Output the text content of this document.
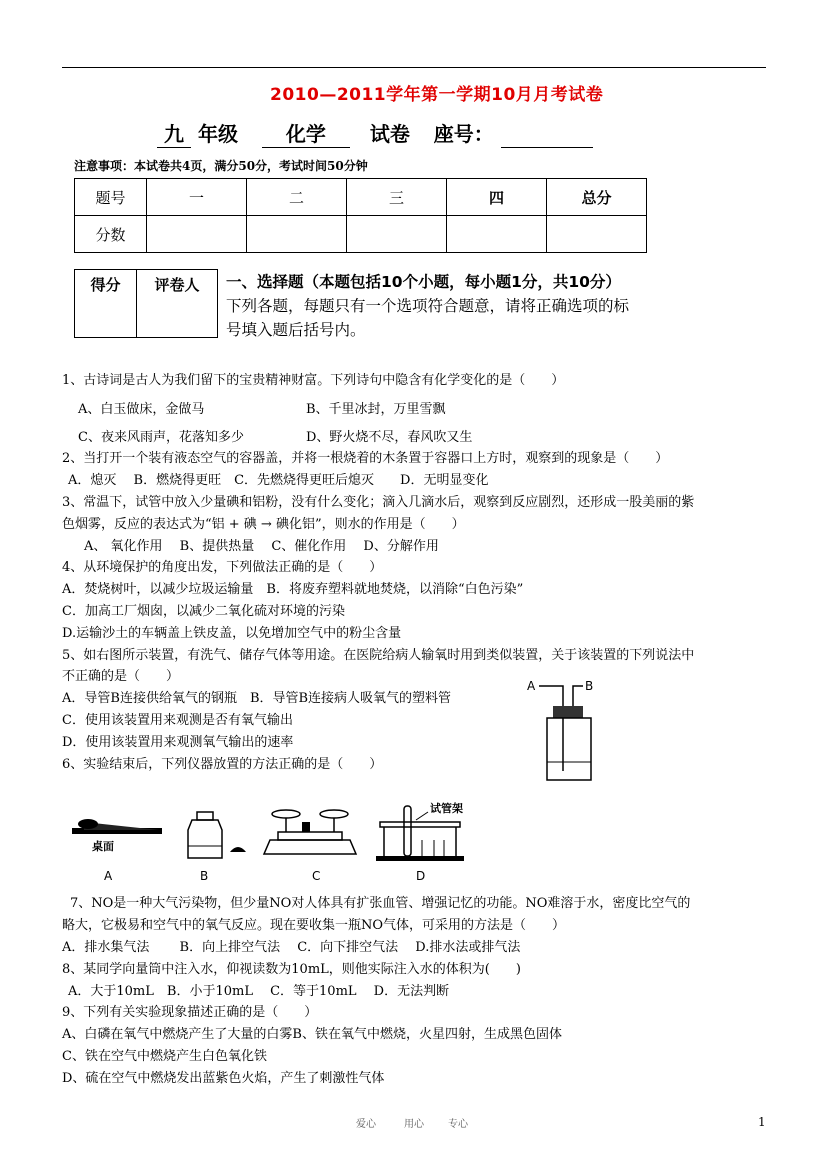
2010—2011学年第一学期10月月考试卷
九 年级 化学 试卷 座号：
注意事项：本试卷共4页，满分50分，考试时间50分钟
题号	一	二	三	四	总分
分数					
得分	评卷人 一、选择题（本题包括10个小题，每小题1分，共10分）下列各题，每题只有一个选项符合题意，请将正确选项的标号填入题后括号内。
1、古诗词是古人为我们留下的宝贵精神财富。下列诗句中隐含有化学变化的是（　　）
A、白玉做床，金做马	B、千里冰封，万里雪飘
C、夜来风雨声，花落知多少	D、野火烧不尽，春风吹又生
2、当打开一个装有液态空气的容器盖，并将一根烧着的木条置于容器口上方时，观察到的现象是（　　）
A．熄灭　 B．燃烧得更旺　C．先燃烧得更旺后熄灭　　D．无明显变化
3、常温下，试管中放入少量碘和铝粉，没有什么变化；滴入几滴水后，观察到反应剧烈，还形成一股美丽的紫
色烟雾，反应的表达式为“铝 + 碘 → 碘化铝”，则水的作用是（　　）
A、 氧化作用　 B、提供热量　 C、催化作用　 D、分解作用
4、从环境保护的角度出发，下列做法正确的是（　　）
A．焚烧树叶，以减少垃圾运输量　B．将废弃塑料就地焚烧，以消除“白色污染”
C．加高工厂烟囱，以减少二氧化硫对环境的污染
D.运输沙土的车辆盖上铁皮盖，以免增加空气中的粉尘含量
5、如右图所示装置，有洗气、储存气体等用途。在医院给病人输氧时用到类似装置，关于该装置的下列说法中
不正确的是（　　）
A．导管B连接供给氧气的钢瓶　B．导管B连接病人吸氧气的塑料管
C．使用该装置用来观测是否有氧气输出
D．使用该装置用来观测氧气输出的速率
6、实验结束后，下列仪器放置的方法正确的是（　　）
A	B
桌面
试管架
A	B	C	D
7、NO是一种大气污染物，但少量NO对人体具有扩张血管、增强记忆的功能。NO难溶于水，密度比空气的
略大，它极易和空气中的氧气反应。现在要收集一瓶NO气体，可采用的方法是（　　）
A．排水集气法　　 B．向上排空气法　 C．向下排空气法　 D.排水法或排气法
8、某同学向量筒中注入水，仰视读数为10mL，则他实际注入水的体积为(　　)
A．大于10mL　B．小于10mL　 C．等于10mL　 D．无法判断
9、下列有关实验现象描述正确的是（　　）
A、白磷在氧气中燃烧产生了大量的白雾B、铁在氧气中燃烧，火星四射，生成黑色固体
C、铁在空气中燃烧产生白色氧化铁
D、硫在空气中燃烧发出蓝紫色火焰，产生了刺激性气体
爱心	用心 专心	1
